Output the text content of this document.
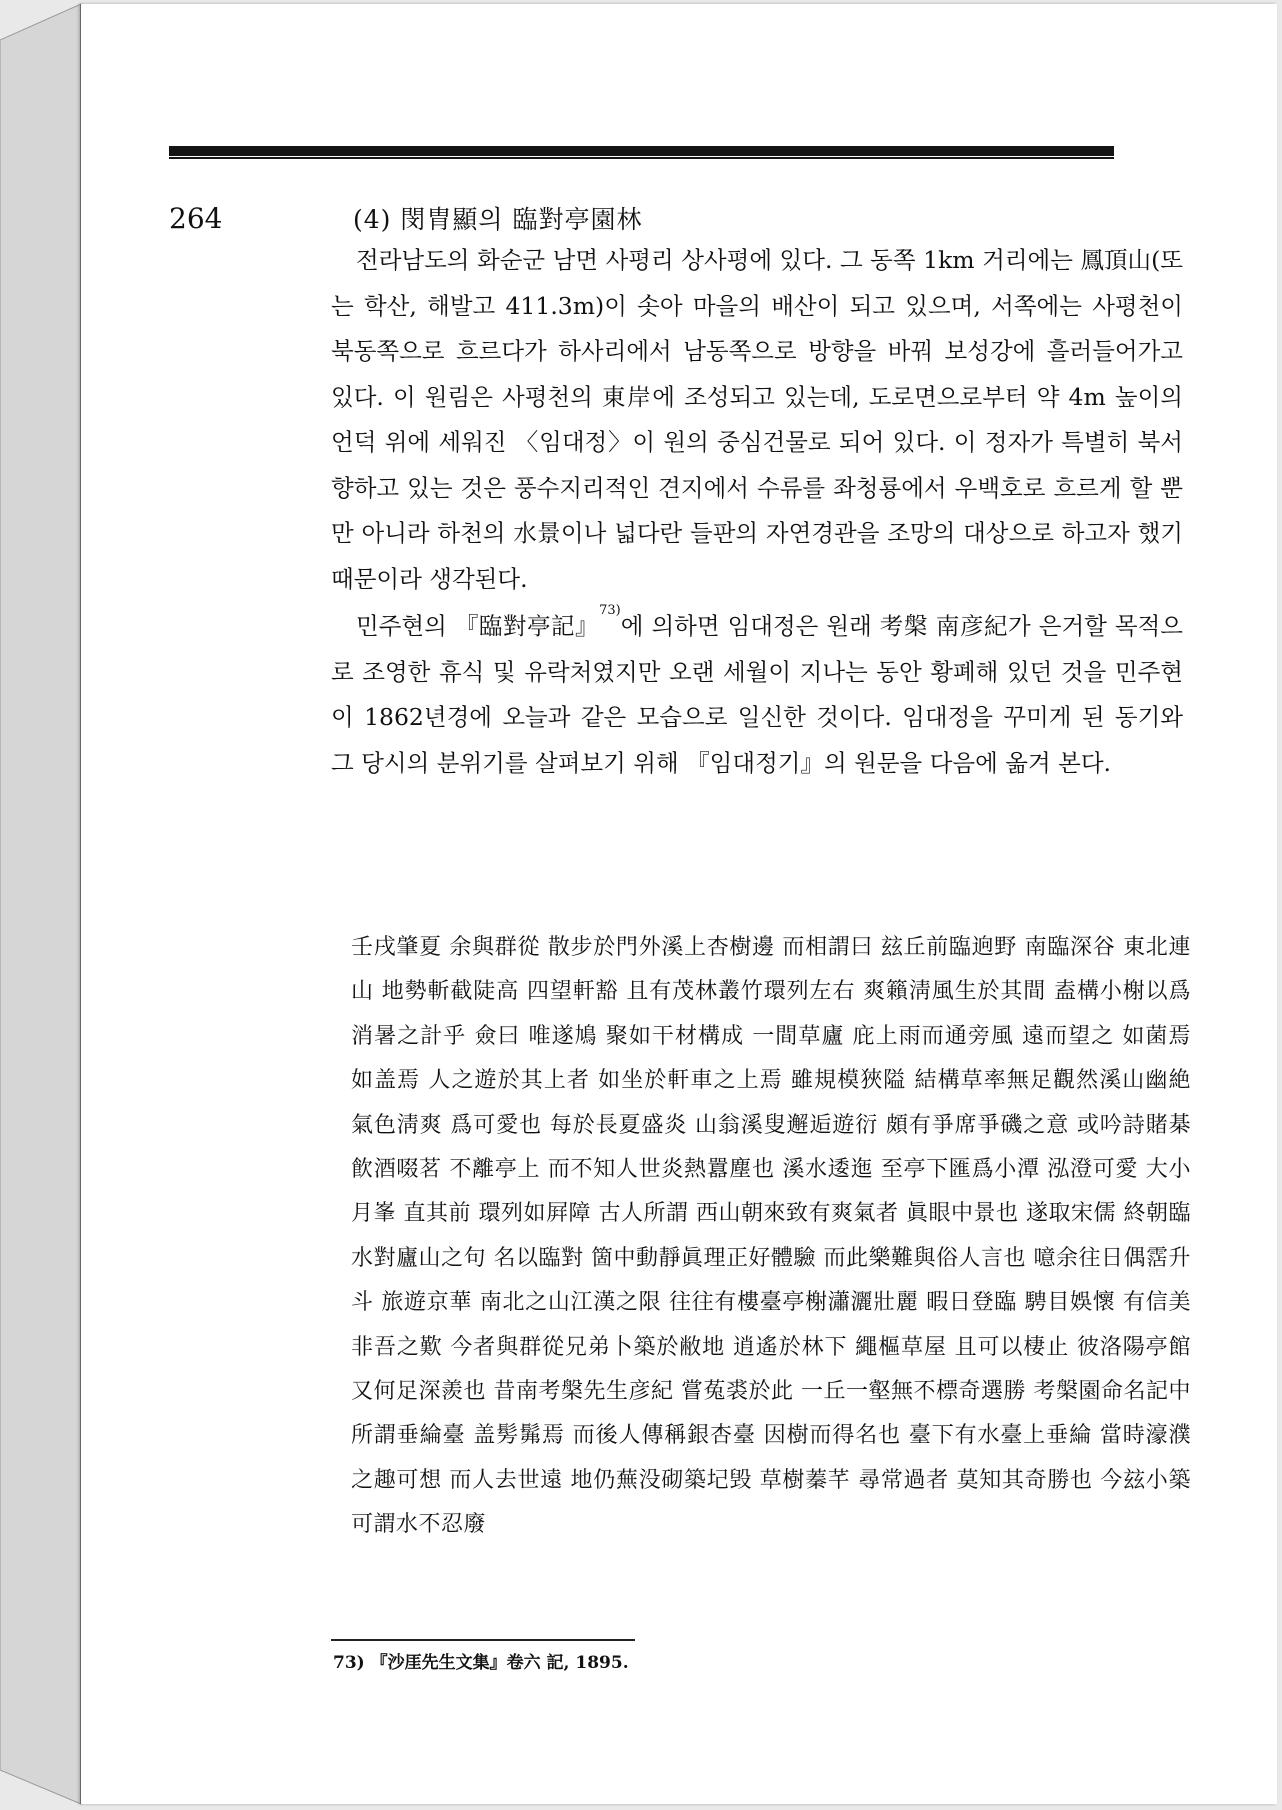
264	(4) 閔胄顯의 臨對亭園林

전라남도의 화순군 남면 사평리 상사평에 있다. 그 동쪽 1km 거리에는 鳳頂山(또는 학산, 해발고 411.3m)이 솟아 마을의 배산이 되고 있으며, 서쪽에는 사평천이 북동쪽으로 흐르다가 하사리에서 남동쪽으로 방향을 바꿔 보성강에 흘러들어가고 있다. 이 원림은 사평천의 東岸에 조성되고 있는데, 도로면으로부터 약 4m 높이의 언덕 위에 세워진 〈임대정〉이 원의 중심건물로 되어 있다. 이 정자가 특별히 북서향하고 있는 것은 풍수지리적인 견지에서 수류를 좌청룡에서 우백호로 흐르게 할 뿐만 아니라 하천의 水景이나 넓다란 들판의 자연경관을 조망의 대상으로 하고자 했기 때문이라 생각된다.

민주현의 『臨對亭記』$^{73)}$에 의하면 임대정은 원래 考槃 南彦紀가 은거할 목적으로 조영한 휴식 및 유락처였지만 오랜 세월이 지나는 동안 황폐해 있던 것을 민주현이 1862년경에 오늘과 같은 모습으로 일신한 것이다. 임대정을 꾸미게 된 동기와 그 당시의 분위기를 살펴보기 위해 『임대정기』의 원문을 다음에 옮겨 본다.

壬戌肇夏 余與群從 散步於門外溪上杏樹邊 而相謂曰 玆丘前臨逈野 南臨深谷 東北連山 地勢斬截陡高 四望軒豁 且有茂林叢竹環列左右 爽籟淸風生於其間 盍構小榭以爲消暑之計乎 僉曰 唯遂鳩 聚如干材構成 一間草廬 庇上雨而通旁風 遠而望之 如菌焉 如盖焉 人之遊於其上者 如坐於軒車之上焉 雖規模狹隘 結構草率無足觀然溪山幽絶 氣色淸爽 爲可愛也 每於長夏盛炎 山翁溪叟邂逅遊衍 頗有爭席爭磯之意 或吟詩賭棊飮酒啜茗 不離亭上 而不知人世炎熱囂塵也 溪水逶迤 至亭下匯爲小潭 泓澄可愛 大小月峯 直其前 環列如屛障 古人所謂 西山朝來致有爽氣者 眞眼中景也 遂取宋儒 終朝臨水對廬山之句 名以臨對 箇中動靜眞理正好體驗 而此樂難與俗人言也 噫余往日偶霑升斗 旅遊京華 南北之山江漢之限 往往有樓臺亭榭瀟灑壯麗 暇日登臨 騁目娛懷 有信美非吾之歎 今者與群從兄弟卜築於敝地 逍遙於林下 繩樞草屋 且可以棲止 彼洛陽亭館 又何足深羨也 昔南考槃先生彦紀 嘗菟裘於此 一丘一壑無不標奇選勝 考槃園命名記中 所謂垂綸臺 盖髣髴焉 而後人傳稱銀杏臺 因樹而得名也 臺下有水臺上垂綸 當時濠濮之趣可想 而人去世遠 地仍蕪没砌築圮毁 草樹蓁芊 尋常過者 莫知其奇勝也 今玆小築 可謂水不忍廢

73) 『沙厓先生文集』卷六 記, 1895.
